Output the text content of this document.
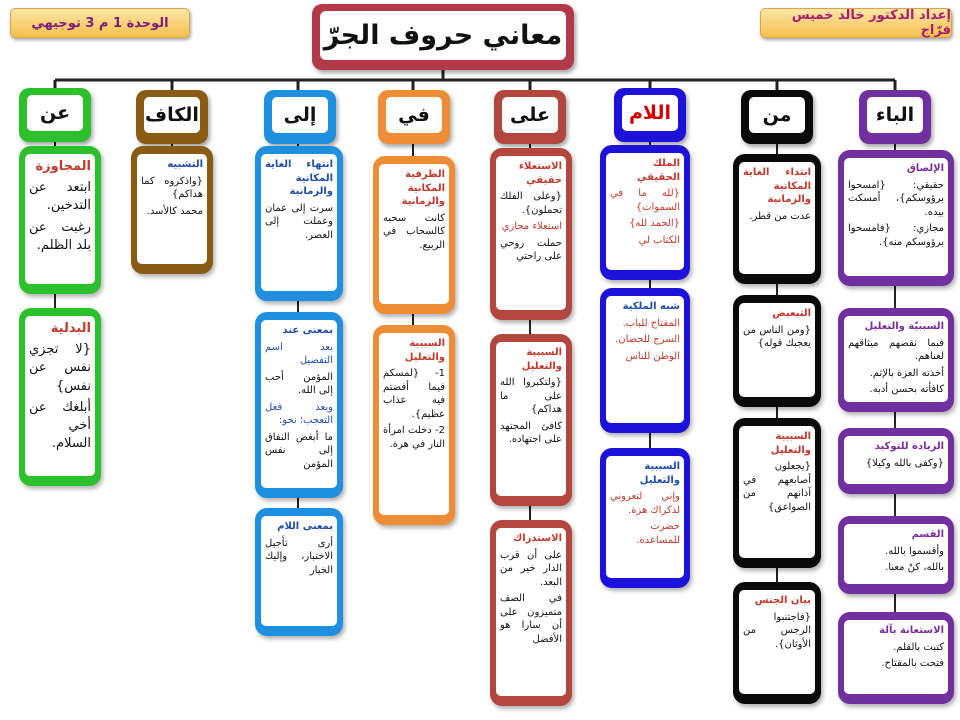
الوحدة 1 م 3 توجيهي	إعداد الدكتور خالد خميس فرّاج
معاني حروف الجرّ
الباء
الإلصاق
حقيقي: {امسحوا برؤوسكم}، أمسكت بيده.
مجازي: {فامسحوا برؤوسكم منه}.
السببيّة والتعليل
فبما نقضهم ميثاقهم لعناهم.
أخذته العزة بالإثم.
كافأته بحسن أدبه.
الزيادة للتوكيد
{وكفى بالله وكيلا}
القسم
وأقسموا بالله.
بالله، كنْ معنا.
الاستعانة بآلة
كتبت بالقلم.
فتحت بالمفتاح.
من
ابتداء الغاية المكانية والزمانية
عدت من قطر.
التبعيض
{ومن الناس من يعجبك قوله}
السببية والتعليل
{يجعلون أصابعهم في آذانهم من الصواعق}
بيان الجنس
{فاجتنبوا الرجس من الأوثان}.
اللام
الملك الحقيقي
{لله ما في السموات}
{الحمد لله}
الكتاب لي
شبه الملكية
المفتاح للباب.
السرج للحصان.
الوطن للناس
السببية والتعليل
وإني لتعروني لذكراك هزة.
حضرت للمساعدة.
على
الاستعلاء حقيقي
{وعلى الفلك تحملون}.
استعلاء مجازي
حملت روحي على راحتي
السببية والتعليل
{ولتكبروا الله على ما هداكم}
كافئ المجتهد على اجتهاده.
الاستدراك
على أن قرب الدار خير من البعد.
في الصف متميزون على أن سارا هو الأفضل
في
الظرفية المكانية والزمانية
كانت سحبه كالسحاب في الربيع.
السببية والتعليل
1- {لمسكم فيما أفضتم فيه عذاب عظيم}.
2- دخلت امرأة النار في هرة.
إلى
انتهاء الغاية المكانية والزمانية
سرت إلى عمان وعملت إلى العصر.
بمعنى عند
بعد اسم التفضيل
المؤمن أحب إلى الله.
وبعد فعل التعجب؛ نحو:
ما أبغض النفاق إلى نفس المؤمن
بمعنى اللام
أرى تأجيل الاختبار، وإليك الخيار
الكاف
التشبيه
{واذكروه كما هداكم}
محمد كالأسد.
عن
المجاوزة
ابتعد عن التدخين.
رغبت عن بلد الظلم.
البدلية
{لا تجزي نفس عن نفس}
أبلغك عن أخي السلام.
